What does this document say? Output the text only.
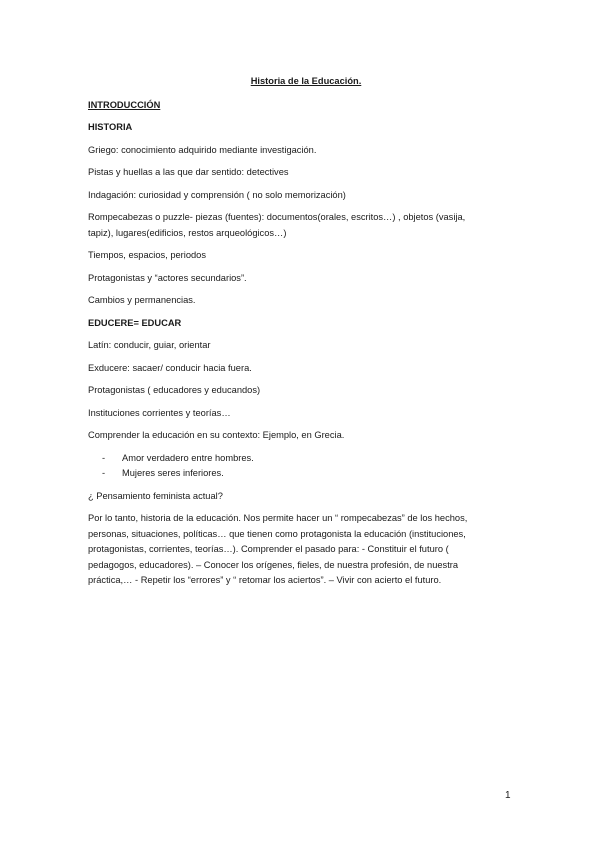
Historia de la Educación.
INTRODUCCIÓN
HISTORIA

Griego: conocimiento adquirido mediante investigación.

Pistas y huellas a las que dar sentido: detectives

Indagación: curiosidad y comprensión ( no solo memorización)

Rompecabezas o puzzle- piezas (fuentes): documentos(orales, escritos…) , objetos (vasija,
tapiz), lugares(edificios, restos arqueológicos…)

Tiempos, espacios, periodos

Protagonistas y “actores secundarios”.

Cambios y permanencias.

EDUCERE= EDUCAR

Latín: conducir, guiar, orientar

Exducere: sacaer/ conducir hacia fuera.

Protagonistas ( educadores y educandos)

Instituciones corrientes y teorías…

Comprender la educación en su contexto: Ejemplo, en Grecia.

- Amor verdadero entre hombres.
- Mujeres seres inferiores.

¿ Pensamiento feminista actual?

Por lo tanto, historia de la educación. Nos permite hacer un “ rompecabezas” de los hechos,
personas, situaciones, políticas… que tienen como protagonista la educación (instituciones,
protagonistas, corrientes, teorías…). Comprender el pasado para: - Constituir el futuro (
pedagogos, educadores). – Conocer los orígenes, fieles, de nuestra profesión, de nuestra
práctica,… - Repetir los “errores” y “ retomar los aciertos”. – Vivir con acierto el futuro.

1
